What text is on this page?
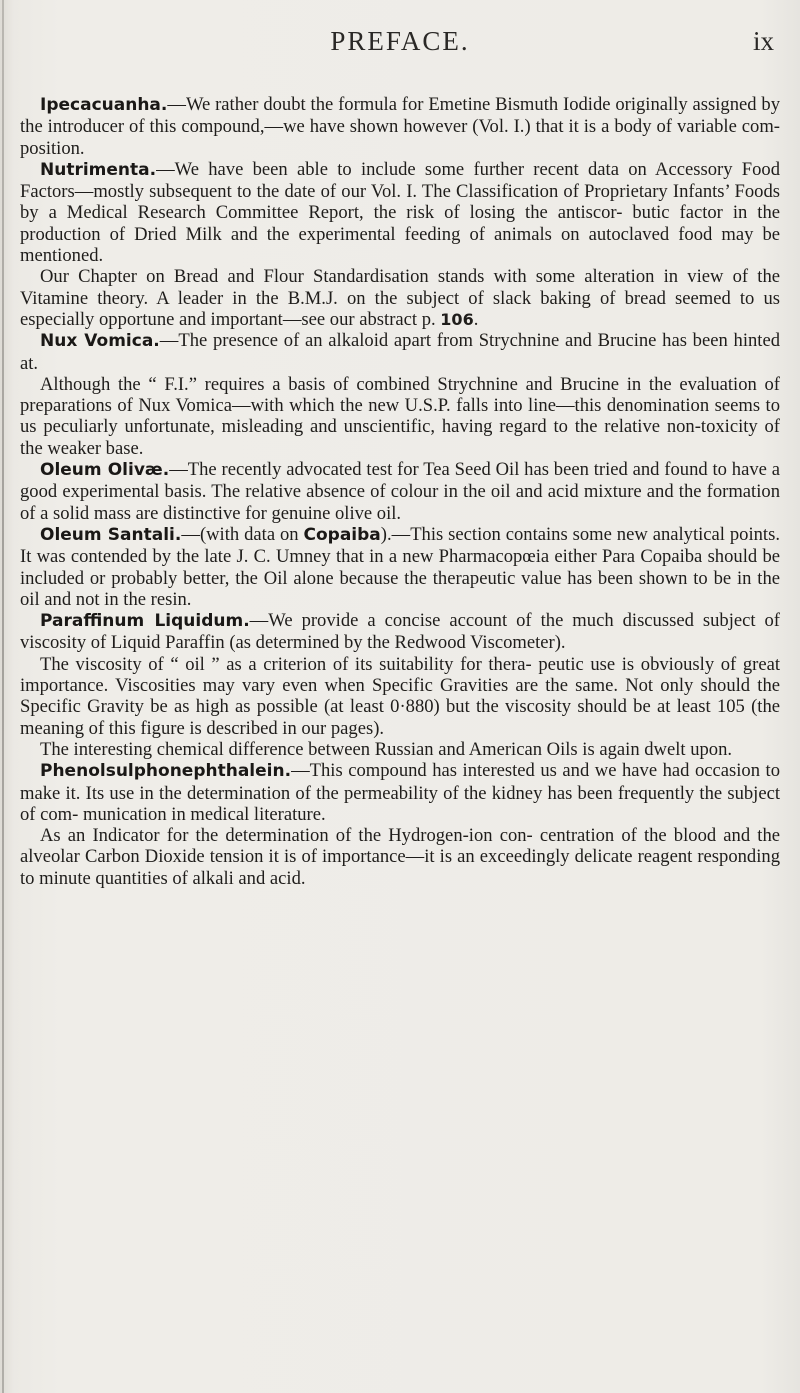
PREFACE.	ix

Ipecacuanha.—We rather doubt the formula for Emetine Bismuth Iodide originally assigned by the introducer of this compound,—we have shown however (Vol. I.) that it is a body of variable com- position.

Nutrimenta.—We have been able to include some further recent data on Accessory Food Factors—mostly subsequent to the date of our Vol. I. The Classification of Proprietary Infants’ Foods by a Medical Research Committee Report, the risk of losing the antiscor- butic factor in the production of Dried Milk and the experimental feeding of animals on autoclaved food may be mentioned.

Our Chapter on Bread and Flour Standardisation stands with some alteration in view of the Vitamine theory. A leader in the B.M.J. on the subject of slack baking of bread seemed to us especially opportune and important—see our abstract p. 106.

Nux Vomica.—The presence of an alkaloid apart from Strychnine and Brucine has been hinted at.

Although the “ F.I.” requires a basis of combined Strychnine and Brucine in the evaluation of preparations of Nux Vomica—with which the new U.S.P. falls into line—this denomination seems to us peculiarly unfortunate, misleading and unscientific, having regard to the relative non-toxicity of the weaker base.

Oleum Olivæ.—The recently advocated test for Tea Seed Oil has been tried and found to have a good experimental basis. The relative absence of colour in the oil and acid mixture and the formation of a solid mass are distinctive for genuine olive oil.

Oleum Santali.—(with data on Copaiba).—This section contains some new analytical points. It was contended by the late J. C. Umney that in a new Pharmacopœia either Para Copaiba should be included or probably better, the Oil alone because the therapeutic value has been shown to be in the oil and not in the resin.

Paraffinum Liquidum.—We provide a concise account of the much discussed subject of viscosity of Liquid Paraffin (as determined by the Redwood Viscometer).

The viscosity of “ oil ” as a criterion of its suitability for thera- peutic use is obviously of great importance. Viscosities may vary even when Specific Gravities are the same. Not only should the Specific Gravity be as high as possible (at least 0·880) but the viscosity should be at least 105 (the meaning of this figure is described in our pages).

The interesting chemical difference between Russian and American Oils is again dwelt upon.

Phenolsulphonephthalein.—This compound has interested us and we have had occasion to make it. Its use in the determination of the permeability of the kidney has been frequently the subject of com- munication in medical literature.

As an Indicator for the determination of the Hydrogen-ion con- centration of the blood and the alveolar Carbon Dioxide tension it is of importance—it is an exceedingly delicate reagent responding to minute quantities of alkali and acid.
